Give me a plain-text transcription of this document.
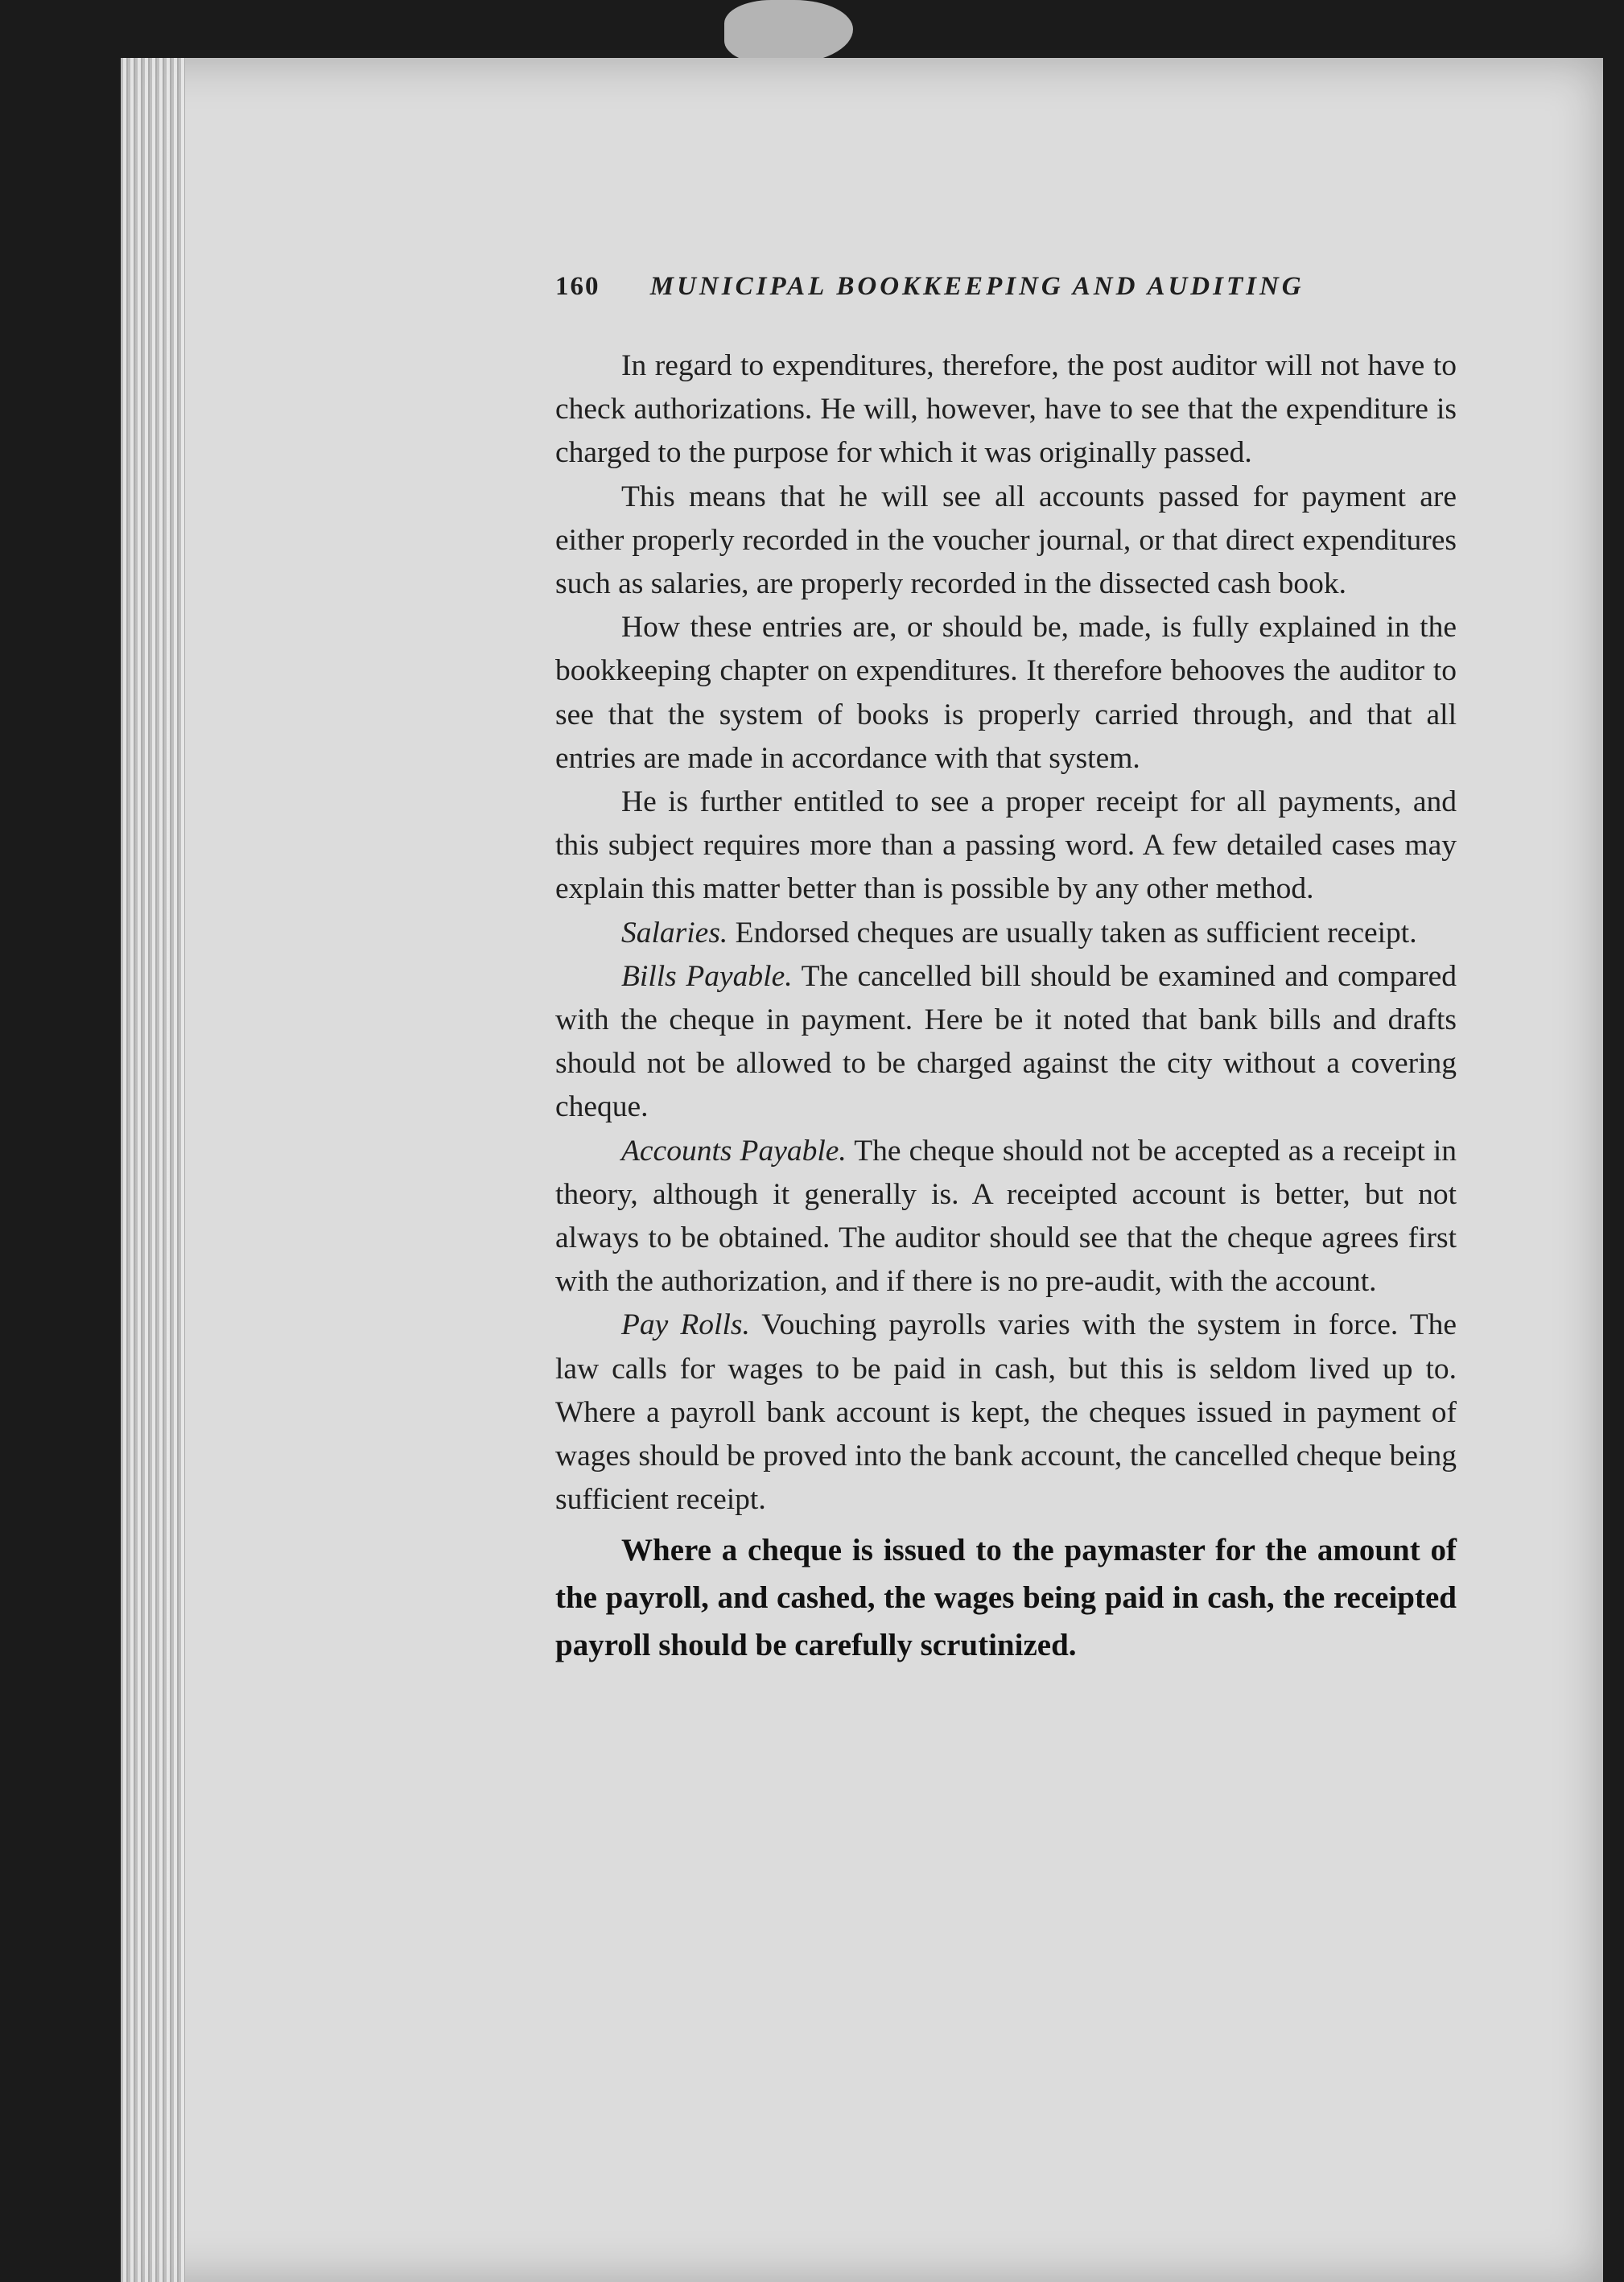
160 MUNICIPAL BOOKKEEPING AND AUDITING

In regard to expenditures, therefore, the post auditor will not have to check authorizations. He will, however, have to see that the expenditure is charged to the purpose for which it was originally passed.

This means that he will see all accounts passed for payment are either properly recorded in the voucher journal, or that direct expenditures such as salaries, are properly recorded in the dissected cash book.

How these entries are, or should be, made, is fully explained in the bookkeeping chapter on expenditures. It therefore behooves the auditor to see that the system of books is properly carried through, and that all entries are made in accordance with that system.

He is further entitled to see a proper receipt for all payments, and this subject requires more than a passing word. A few detailed cases may explain this matter better than is possible by any other method.

Salaries. Endorsed cheques are usually taken as sufficient receipt.

Bills Payable. The cancelled bill should be examined and compared with the cheque in payment. Here be it noted that bank bills and drafts should not be allowed to be charged against the city without a covering cheque.

Accounts Payable. The cheque should not be accepted as a receipt in theory, although it generally is. A receipted account is better, but not always to be obtained. The auditor should see that the cheque agrees first with the authorization, and if there is no pre-audit, with the account.

Pay Rolls. Vouching payrolls varies with the system in force. The law calls for wages to be paid in cash, but this is seldom lived up to. Where a payroll bank account is kept, the cheques issued in payment of wages should be proved into the bank account, the cancelled cheque being sufficient receipt.

Where a cheque is issued to the paymaster for the amount of the payroll, and cashed, the wages being paid in cash, the receipted payroll should be carefully scrutinized.
